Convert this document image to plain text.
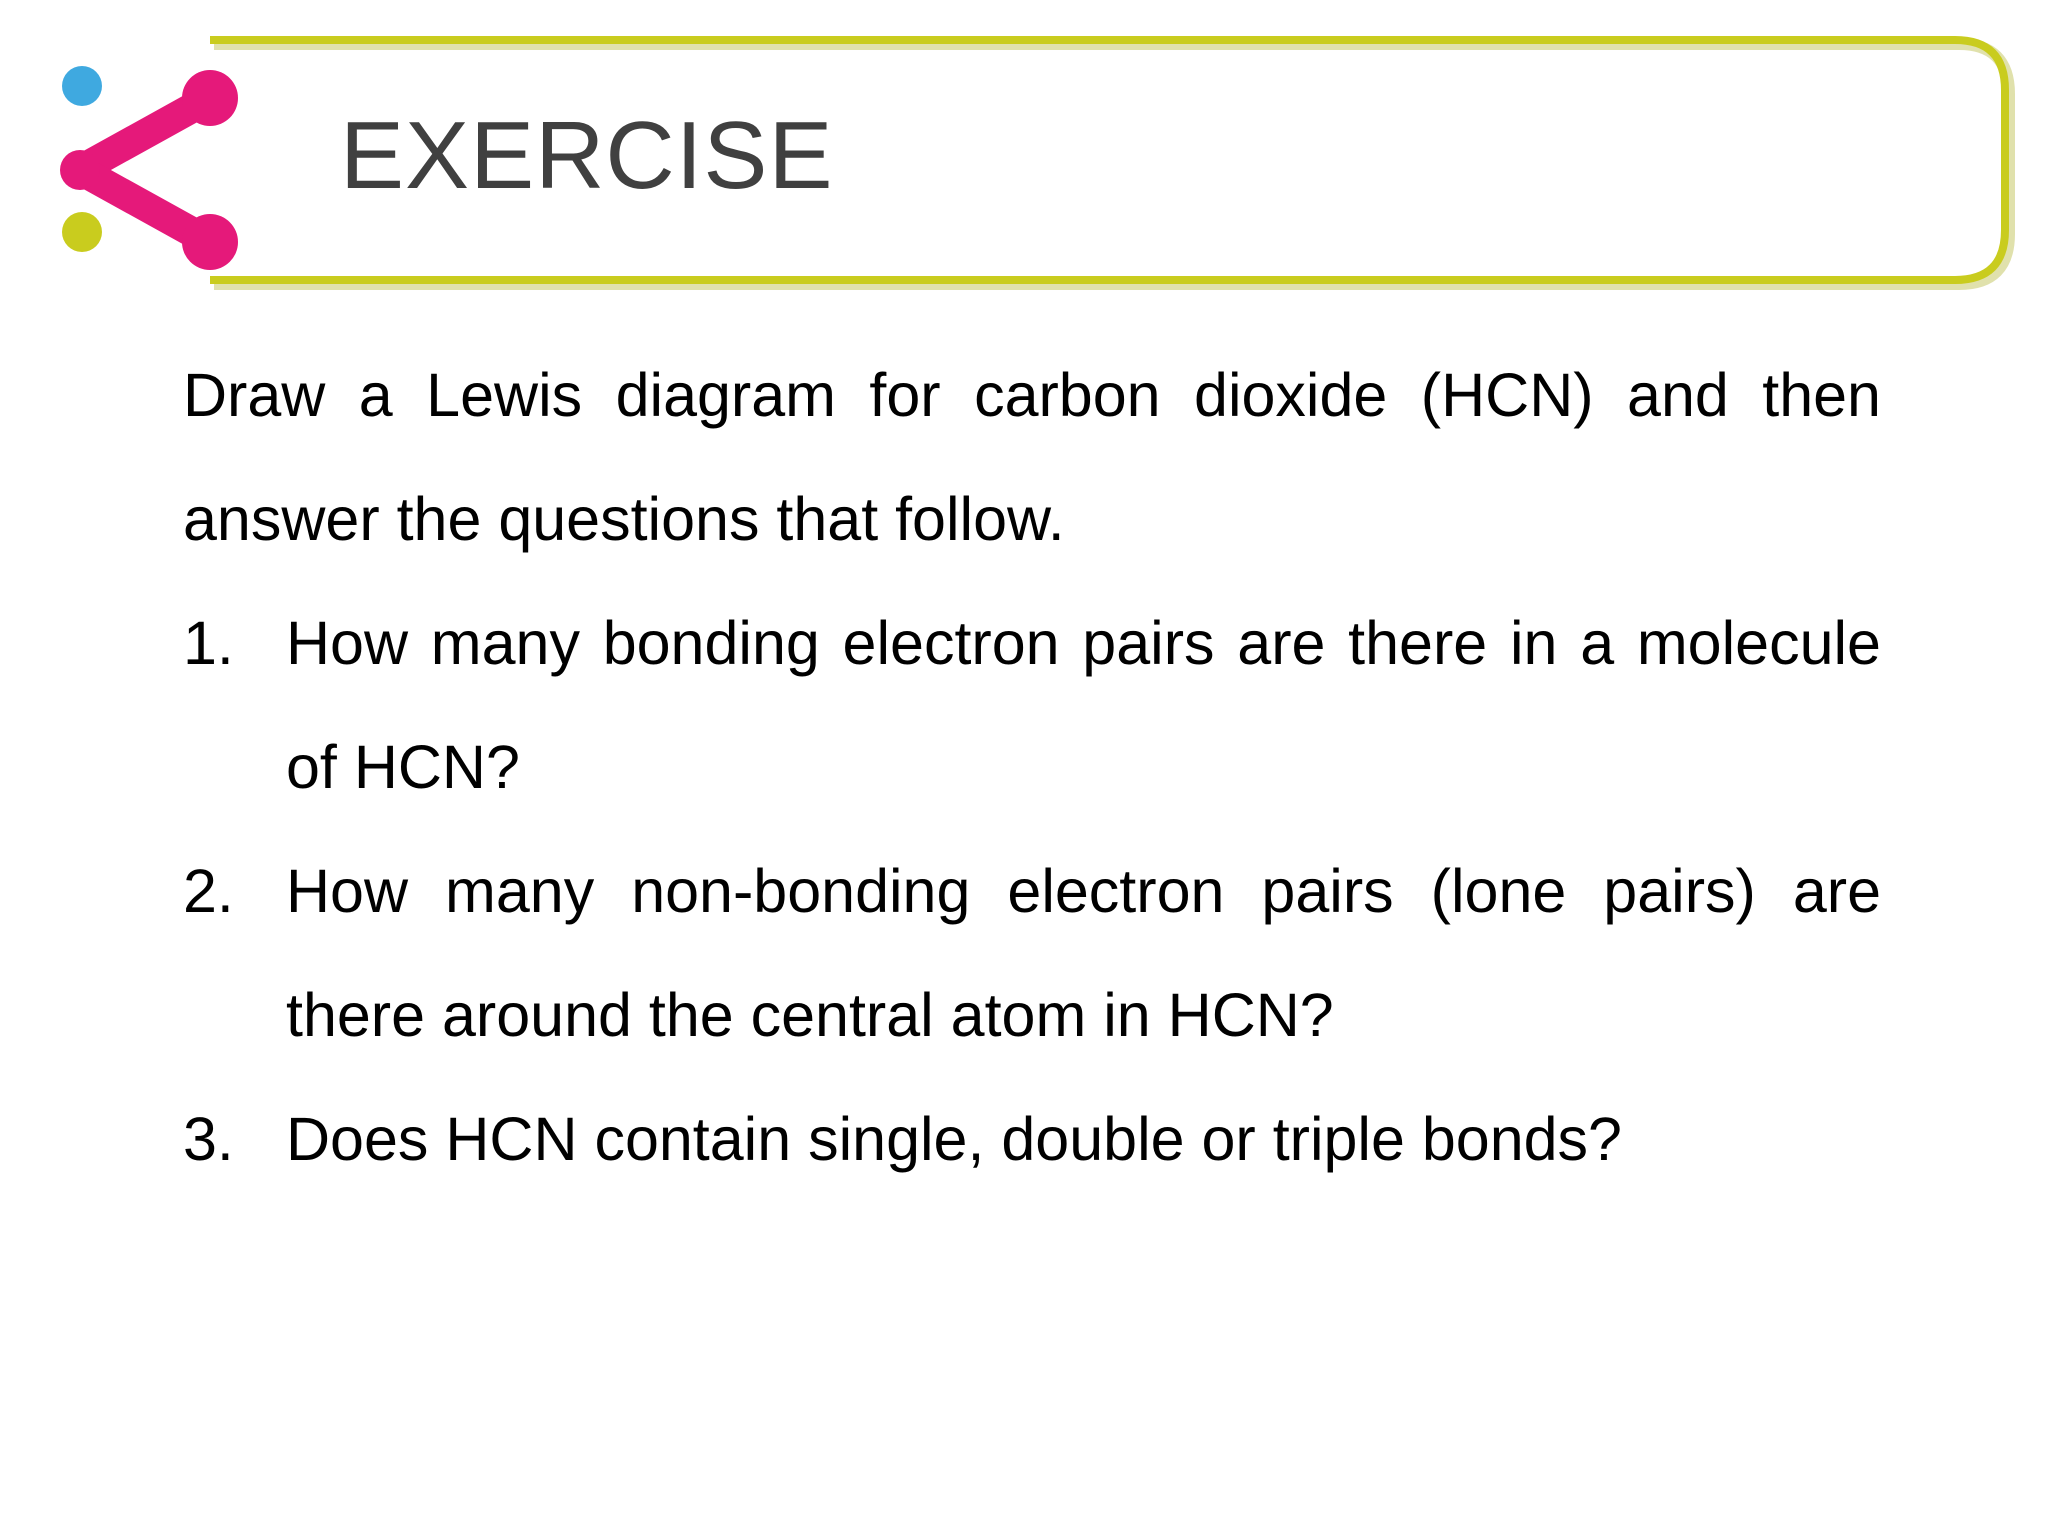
EXERCISE

Draw a Lewis diagram for carbon dioxide (HCN) and then answer the questions that follow.

1. How many bonding electron pairs are there in a molecule of HCN?
2. How many non-bonding electron pairs (lone pairs) are there around the central atom in HCN?
3. Does HCN contain single, double or triple bonds?
